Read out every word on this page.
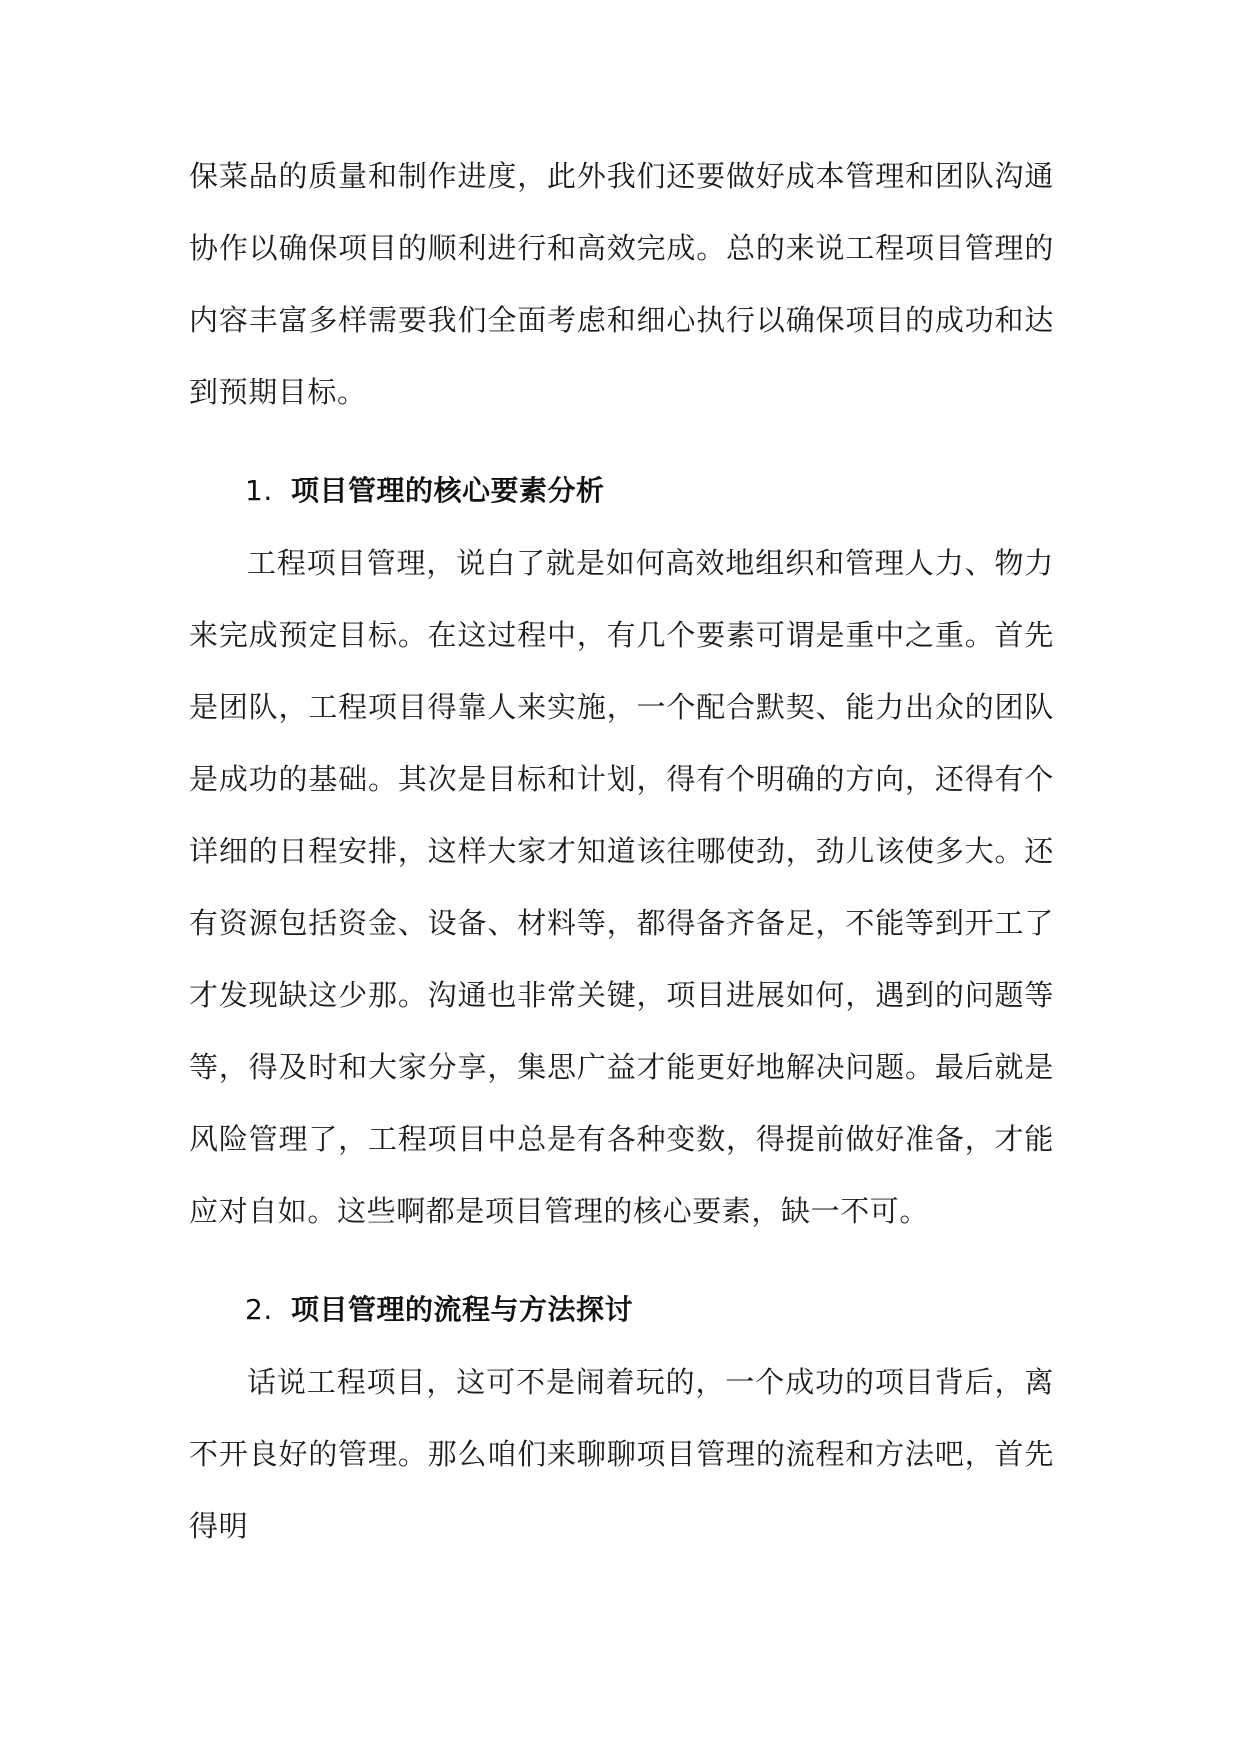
保菜品的质量和制作进度，此外我们还要做好成本管理和团队沟通协作以确保项目的顺利进行和高效完成。总的来说工程项目管理的内容丰富多样需要我们全面考虑和细心执行以确保项目的成功和达到预期目标。

1. 项目管理的核心要素分析

工程项目管理，说白了就是如何高效地组织和管理人力、物力来完成预定目标。在这过程中，有几个要素可谓是重中之重。首先是团队，工程项目得靠人来实施，一个配合默契、能力出众的团队是成功的基础。其次是目标和计划，得有个明确的方向，还得有个详细的日程安排，这样大家才知道该往哪使劲，劲儿该使多大。还有资源包括资金、设备、材料等，都得备齐备足，不能等到开工了才发现缺这少那。沟通也非常关键，项目进展如何，遇到的问题等等，得及时和大家分享，集思广益才能更好地解决问题。最后就是风险管理了，工程项目中总是有各种变数，得提前做好准备，才能应对自如。这些啊都是项目管理的核心要素，缺一不可。

2. 项目管理的流程与方法探讨

话说工程项目，这可不是闹着玩的，一个成功的项目背后，离不开良好的管理。那么咱们来聊聊项目管理的流程和方法吧，首先得明
